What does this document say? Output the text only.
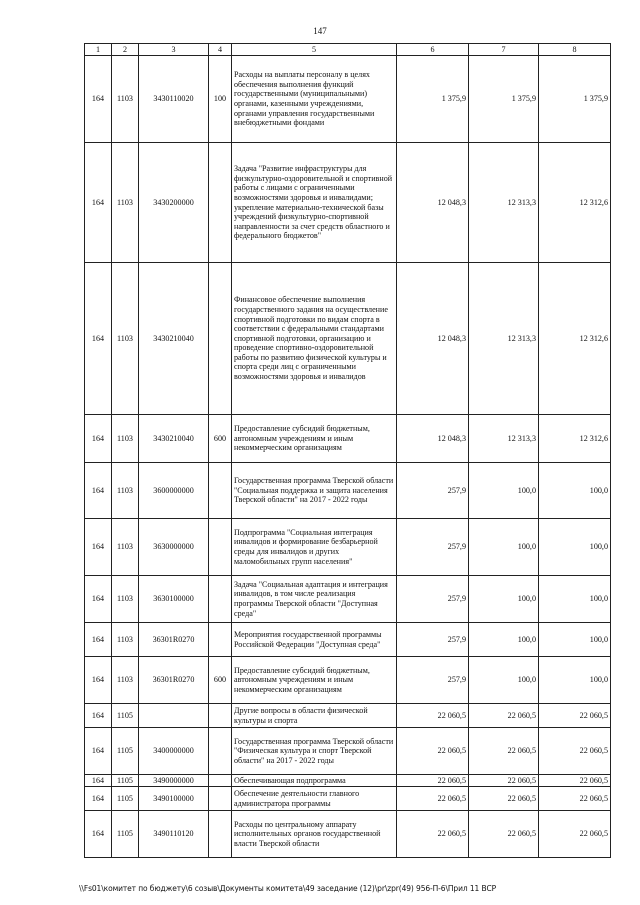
147
1	2	3	4	5	6	7	8
164	1103	3430110020	100	Расходы на выплаты персоналу в целях обеспечения выполнения функций государственными (муниципальными) органами, казенными учреждениями, органами управления государственными внебюджетными фондами	1 375,9	1 375,9	1 375,9
164	1103	3430200000		Задача "Развитие инфраструктуры для физкультурно-оздоровительной и спортивной работы с лицами с ограниченными возможностями здоровья и инвалидами; укрепление материально-технической базы учреждений физкультурно-спортивной направленности за счет средств областного и федерального бюджетов"	12 048,3	12 313,3	12 312,6
164	1103	3430210040		Финансовое обеспечение выполнения государственного задания на осуществление спортивной подготовки по видам спорта в соответствии с федеральными стандартами спортивной подготовки, организацию и проведение спортивно-оздоровительной работы по развитию физической культуры и спорта среди лиц с ограниченными возможностями здоровья и инвалидов	12 048,3	12 313,3	12 312,6
164	1103	3430210040	600	Предоставление субсидий бюджетным, автономным учреждениям и иным некоммерческим организациям	12 048,3	12 313,3	12 312,6
164	1103	3600000000		Государственная программа Тверской области "Социальная поддержка и защита населения Тверской области" на 2017 - 2022 годы	257,9	100,0	100,0
164	1103	3630000000		Подпрограмма "Социальная интеграция инвалидов и формирование безбарьерной среды для инвалидов и других маломобильных групп населения"	257,9	100,0	100,0
164	1103	3630100000		Задача "Социальная адаптация и интеграция инвалидов, в том числе реализация программы Тверской области "Доступная среда"	257,9	100,0	100,0
164	1103	36301R0270		Мероприятия государственной программы Российской Федерации "Доступная среда"	257,9	100,0	100,0
164	1103	36301R0270	600	Предоставление субсидий бюджетным, автономным учреждениям и иным некоммерческим организациям	257,9	100,0	100,0
164	1105			Другие вопросы в области физической культуры и спорта	22 060,5	22 060,5	22 060,5
164	1105	3400000000		Государственная программа Тверской области "Физическая культура и спорт Тверской области" на 2017 - 2022 годы	22 060,5	22 060,5	22 060,5
164	1105	3490000000		Обеспечивающая подпрограмма	22 060,5	22 060,5	22 060,5
164	1105	3490100000		Обеспечение деятельности главного администратора программы	22 060,5	22 060,5	22 060,5
164	1105	3490110120		Расходы по центральному аппарату исполнительных органов государственной власти Тверской области	22 060,5	22 060,5	22 060,5
\\Fs01\комитет по бюджету\6 созыв\Документы комитета\49 заседание (12)\pr\zpr(49) 956-П-6\Прил 11 ВСР
